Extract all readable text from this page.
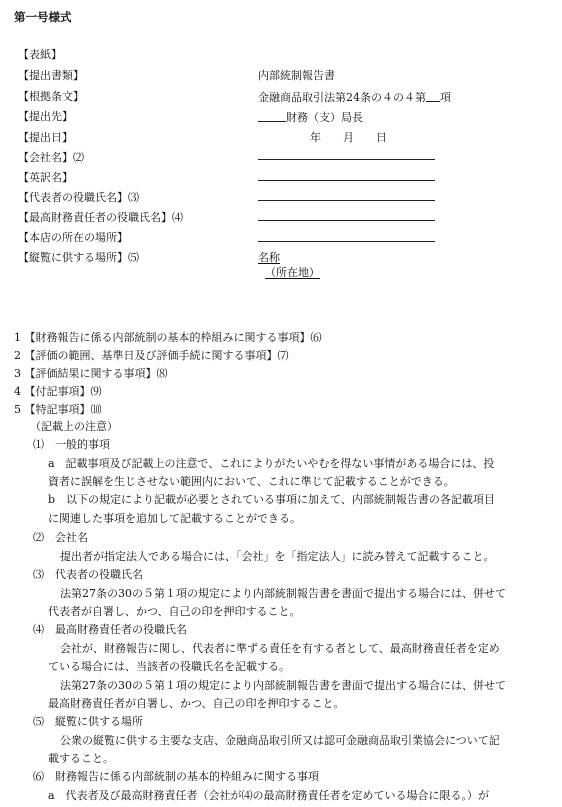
第一号様式
【表紙】
【提出書類】	内部統制報告書
【根拠条文】	金融商品取引法第24条の４の４第 項
【提出先】	財務（支）局長
【提出日】	年　　月　　日
【会社名】⑵
【英訳名】
【代表者の役職氏名】⑶
【最高財務責任者の役職氏名】⑷
【本店の所在の場所】
【縦覧に供する場所】⑸	名称
（所在地）
1 【財務報告に係る内部統制の基本的枠組みに関する事項】⑹
2 【評価の範囲、基準日及び評価手続に関する事項】⑺
3 【評価結果に関する事項】⑻
4 【付記事項】⑼
5 【特記事項】⑽
（記載上の注意）
⑴　一般的事項
a　記載事項及び記載上の注意で、これによりがたいやむを得ない事情がある場合には、投
資者に誤解を生じさせない範囲内において、これに準じて記載することができる。
b　以下の規定により記載が必要とされている事項に加えて、内部統制報告書の各記載項目
に関連した事項を追加して記載することができる。
⑵　会社名
提出者が指定法人である場合には、「会社」を「指定法人」に読み替えて記載すること。
⑶　代表者の役職氏名
法第27条の30の５第１項の規定により内部統制報告書を書面で提出する場合には、併せて
代表者が自署し、かつ、自己の印を押印すること。
⑷　最高財務責任者の役職氏名
会社が、財務報告に関し、代表者に準ずる責任を有する者として、最高財務責任者を定め
ている場合には、当該者の役職氏名を記載する。
法第27条の30の５第１項の規定により内部統制報告書を書面で提出する場合には、併せて
最高財務責任者が自署し、かつ、自己の印を押印すること。
⑸　縦覧に供する場所
公衆の縦覧に供する主要な支店、金融商品取引所又は認可金融商品取引業協会について記
載すること。
⑹　財務報告に係る内部統制の基本的枠組みに関する事項
a　代表者及び最高財務責任者（会社が⑷の最高財務責任者を定めている場合に限る。）が
